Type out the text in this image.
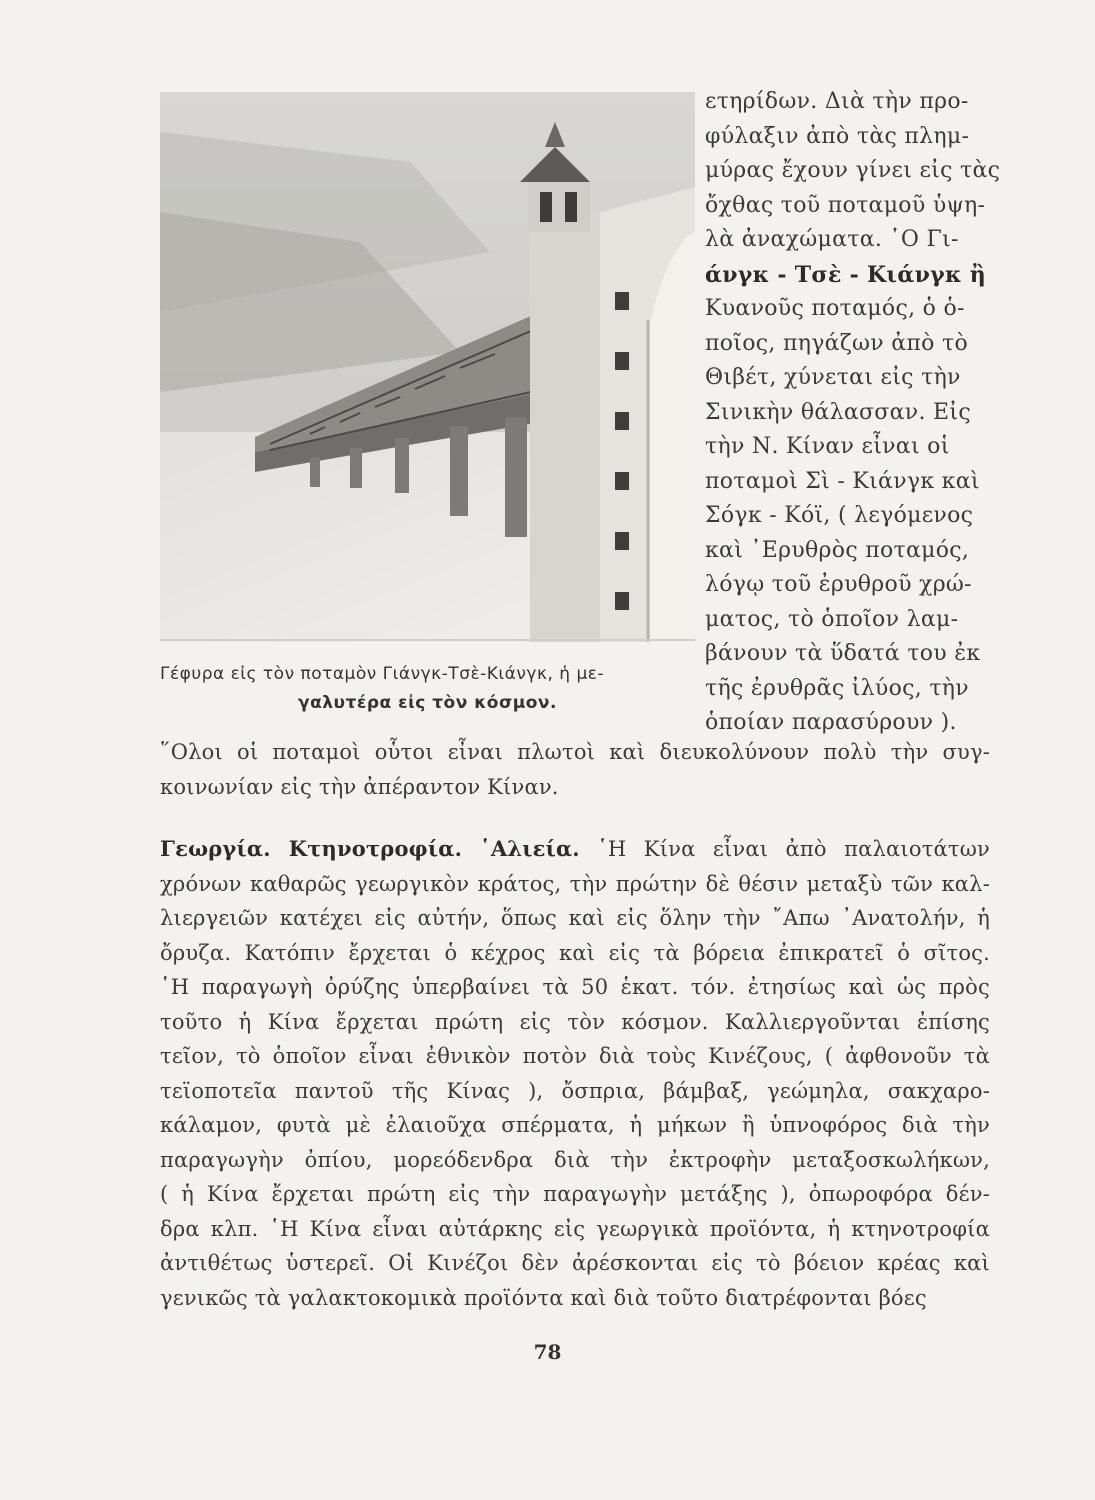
Γέφυρα εἰς τὸν ποταμὸν Γιάνγκ-Τσὲ-Κιάνγκ, ἡ με-
γαλυτέρα εἰς τὸν κόσμον.
ετηρίδων. Διὰ τὴν προ-
φύλαξιν ἀπὸ τὰς πλημ-
μύρας ἔχουν γίνει εἰς τὰς
ὄχθας τοῦ ποταμοῦ ὑψη-
λὰ ἀναχώματα. ῾Ο Γι-
άνγκ - Τσὲ - Κιάνγκ ἢ
Κυανοῦς ποταμός, ὁ ὁ-
ποῖος, πηγάζων ἀπὸ τὸ
Θιβέτ, χύνεται εἰς τὴν
Σινικὴν θάλασσαν. Εἰς
τὴν Ν. Κίναν εἶναι οἱ
ποταμοὶ Σὶ - Κιάνγκ καὶ
Σόγκ - Κόϊ, ( λεγόμενος
καὶ ᾿Ερυθρὸς ποταμός,
λόγῳ τοῦ ἐρυθροῦ χρώ-
ματος, τὸ ὁποῖον λαμ-
βάνουν τὰ ὕδατά του ἐκ
τῆς ἐρυθρᾶς ἰλύος, τὴν
ὁποίαν παρασύρουν ).
῞Ολοι οἱ ποταμοὶ οὗτοι εἶναι πλωτοὶ καὶ διευκολύνουν πολὺ τὴν συγ-
κοινωνίαν εἰς τὴν ἀπέραντον Κίναν.
Γεωργία. Κτηνοτροφία. ῾Αλιεία. ῾Η Κίνα εἶναι ἀπὸ παλαιοτάτων
χρόνων καθαρῶς γεωργικὸν κράτος, τὴν πρώτην δὲ θέσιν μεταξὺ τῶν καλ-
λιεργειῶν κατέχει εἰς αὐτήν, ὅπως καὶ εἰς ὅλην τὴν ῎Απω ᾿Ανατολήν, ἡ
ὄρυζα. Κατόπιν ἔρχεται ὁ κέχρος καὶ εἰς τὰ βόρεια ἐπικρατεῖ ὁ σῖτος.
῾Η παραγωγὴ ὀρύζης ὑπερβαίνει τὰ 50 ἑκατ. τόν. ἐτησίως καὶ ὡς πρὸς
τοῦτο ἡ Κίνα ἔρχεται πρώτη εἰς τὸν κόσμον. Καλλιεργοῦνται ἐπίσης
τεῖον, τὸ ὁποῖον εἶναι ἐθνικὸν ποτὸν διὰ τοὺς Κινέζους, ( ἀφθονοῦν τὰ
τεϊοποτεῖα παντοῦ τῆς Κίνας ), ὄσπρια, βάμβαξ, γεώμηλα, σακχαρο-
κάλαμον, φυτὰ μὲ ἐλαιοῦχα σπέρματα, ἡ μήκων ἢ ὑπνοφόρος διὰ τὴν
παραγωγὴν ὀπίου, μορεόδενδρα διὰ τὴν ἐκτροφὴν μεταξοσκωλήκων,
( ἡ Κίνα ἔρχεται πρώτη εἰς τὴν παραγωγὴν μετάξης ), ὀπωροφόρα δέν-
δρα κλπ. ῾Η Κίνα εἶναι αὐτάρκης εἰς γεωργικὰ προϊόντα, ἡ κτηνοτροφία
ἀντιθέτως ὑστερεῖ. Οἱ Κινέζοι δὲν ἀρέσκονται εἰς τὸ βόειον κρέας καὶ
γενικῶς τὰ γαλακτοκομικὰ προϊόντα καὶ διὰ τοῦτο διατρέφονται βόες
78
